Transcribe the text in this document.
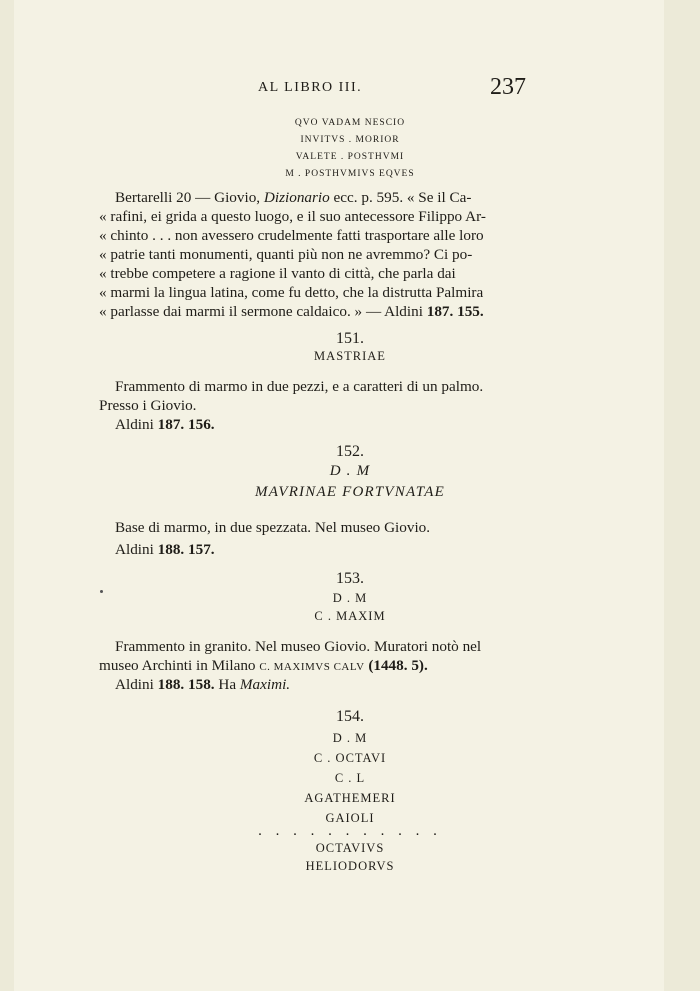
AL LIBRO III.	237
QVO VADAM NESCIO
INVITVS . MORIOR
VALETE . POSTHVMI
M . POSTHVMIVS EQVES
Bertarelli 20 — Giovio, Dizionario ecc. p. 595. « Se il Ca-
« rafini, ei grida a questo luogo, e il suo antecessore Filippo Ar-
« chinto . . . non avessero crudelmente fatti trasportare alle loro
« patrie tanti monumenti, quanti più non ne avremmo? Ci po-
« trebbe competere a ragione il vanto di città, che parla dai
« marmi la lingua latina, come fu detto, che la distrutta Palmira
« parlasse dai marmi il sermone caldaico. » — Aldini 187. 155.
151.
MASTRIAE
Frammento di marmo in due pezzi, e a caratteri di un palmo.
Presso i Giovio.
Aldini 187. 156.
152.
D . M
MAVRINAE FORTVNATAE
Base di marmo, in due spezzata. Nel museo Giovio.
Aldini 188. 157.
153.
D . M
C . MAXIM
Frammento in granito. Nel museo Giovio. Muratori notò nel
museo Archinti in Milano C. MAXIMVS CALV (1448. 5).
Aldini 188. 158. Ha Maximi.
154.
D . M
C . OCTAVI
C . L
AGATHEMERI
GAIOLI
. . . . . . . . . . .
OCTAVIVS
HELIODORVS
